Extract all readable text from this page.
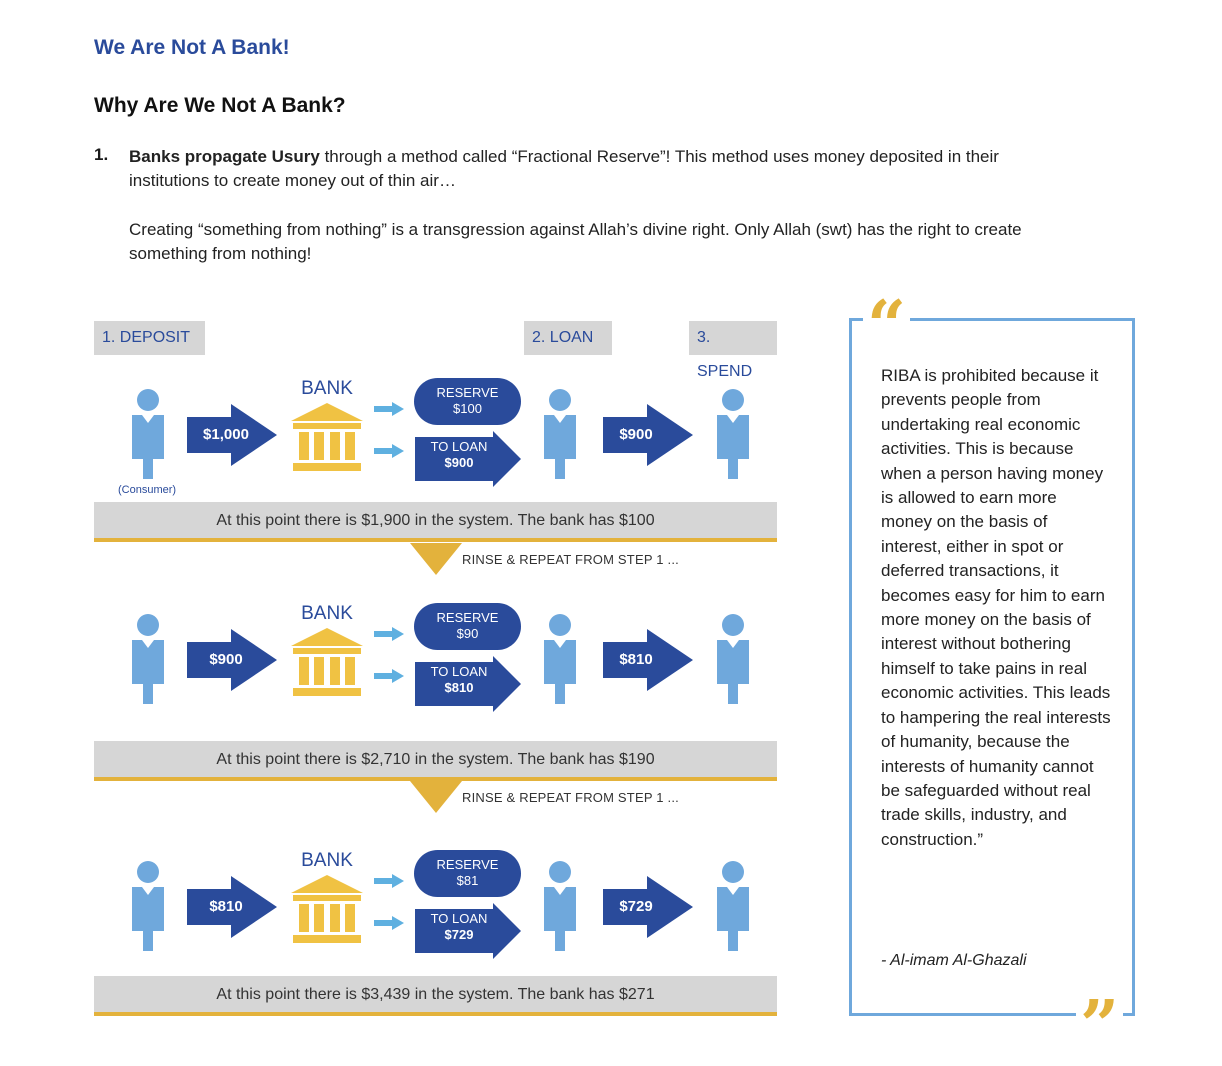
We Are Not A Bank!
Why Are We Not A Bank?
1. Banks propagate Usury through a method called “Fractional Reserve”! This method uses money deposited in their institutions to create money out of thin air…
Creating “something from nothing” is a transgression against Allah’s divine right. Only Allah (swt) has the right to create something from nothing!
1. DEPOSIT	2. LOAN	3. SPEND
(Consumer)
$1,000
BANK	RESERVE
$100
TO LOAN
$900
$900
At this point there is $1,900 in the system. The bank has $100
RINSE & REPEAT FROM STEP 1 ...
$900
BANK	RESERVE
$90
TO LOAN
$810
$810
At this point there is $2,710 in the system. The bank has $190
RINSE & REPEAT FROM STEP 1 ...
$810
BANK	RESERVE
$81
TO LOAN
$729
$729
At this point there is $3,439 in the system. The bank has $271
“
RIBA is prohibited because it prevents people from undertaking real economic activities. This is because when a person having money is allowed to earn more money on the basis of interest, either in spot or deferred transactions, it becomes easy for him to earn more money on the basis of interest without bothering himself to take pains in real economic activities. This leads to hampering the real interests of humanity, because the interests of humanity cannot be safeguarded without real trade skills, industry, and construction.”
- Al-imam Al-Ghazali
”
